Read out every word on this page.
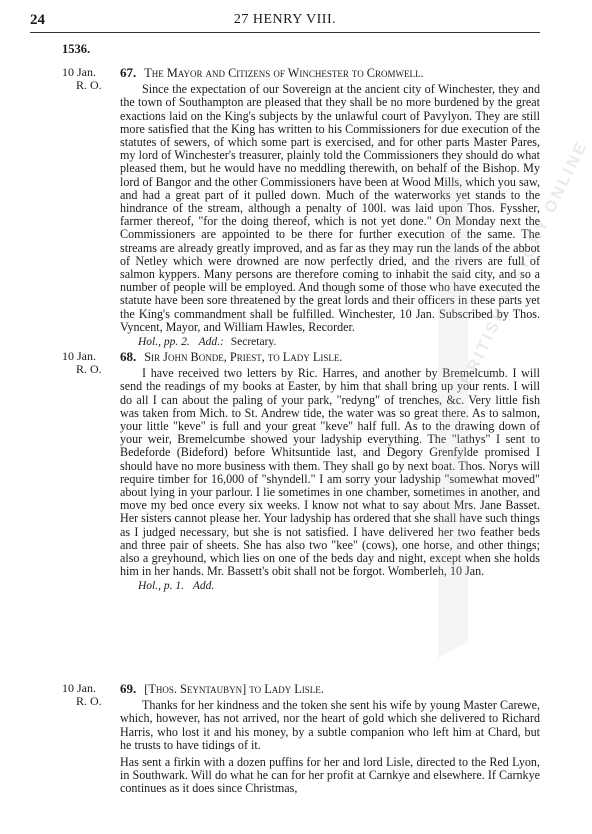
24	27 HENRY VIII.
1536.
10 Jan.
R. O.
67. The Mayor and Citizens of Winchester to Cromwell.

Since the expectation of our Sovereign at the ancient city of Winchester, they and the town of Southampton are pleased that they shall be no more burdened by the great exactions laid on the King's subjects by the unlawful court of Pavylyon. They are still more satisfied that the King has written to his Commissioners for due execution of the statutes of sewers, of which some part is exercised, and for other parts Master Pares, my lord of Winchester's treasurer, plainly told the Commissioners they should do what pleased them, but he would have no meddling therewith, on behalf of the Bishop. My lord of Bangor and the other Commissioners have been at Wood Mills, which you saw, and had a great part of it pulled down. Much of the waterworks yet stands to the hindrance of the stream, although a penalty of 100l. was laid upon Thos. Fyssher, farmer thereof, "for the doing thereof, which is not yet done." On Monday next the Commissioners are appointed to be there for further execution of the same. The streams are already greatly improved, and as far as they may run the lands of the abbot of Netley which were drowned are now perfectly dried, and the rivers are full of salmon kyppers. Many persons are therefore coming to inhabit the said city, and so a number of people will be employed. And though some of those who have executed the statute have been sore threatened by the great lords and their officers in these parts yet the King's commandment shall be fulfilled. Winchester, 10 Jan. Subscribed by Thos. Vyncent, Mayor, and William Hawles, Recorder.

Hol., pp. 2. Add.: Secretary.
10 Jan.
R. O.
68. Sir John Bonde, Priest, to Lady Lisle.

I have received two letters by Ric. Harres, and another by Bremelcumb. I will send the readings of my books at Easter, by him that shall bring up your rents. I will do all I can about the paling of your park, "redyng" of trenches, &c. Very little fish was taken from Mich. to St. Andrew tide, the water was so great there. As to salmon, your little "keve" is full and your great "keve" half full. As to the drawing down of your weir, Bremelcumbe showed your ladyship everything. The "lathys" I sent to Bedeforde (Bideford) before Whitsuntide last, and Degory Grenfylde promised I should have no more business with them. They shall go by next boat. Thos. Norys will require timber for 16,000 of "shyndell." I am sorry your ladyship "somewhat moved" about lying in your parlour. I lie sometimes in one chamber, sometimes in another, and move my bed once every six weeks. I know not what to say about Mrs. Jane Basset. Her sisters cannot please her. Your ladyship has ordered that she shall have such things as I judged necessary, but she is not satisfied. I have delivered her two feather beds and three pair of sheets. She has also two "kee" (cows), one horse, and other things; also a greyhound, which lies on one of the beds day and night, except when she holds him in her hands. Mr. Bassett's obit shall not be forgot. Womberleh, 10 Jan.

Hol., p. 1. Add.
10 Jan.
R. O.
69. [Thos. Seyntaubyn] to Lady Lisle.

Thanks for her kindness and the token she sent his wife by young Master Carewe, which, however, has not arrived, nor the heart of gold which she delivered to Richard Harris, who lost it and his money, by a subtle companion who left him at Chard, but he trusts to have tidings of it.

Has sent a firkin with a dozen puffins for her and lord Lisle, directed to the Red Lyon, in Southwark. Will do what he can for her profit at Carnkye and elsewhere. If Carnkye continues as it does since Christmas,

BRITISH HISTORY ONLINE
